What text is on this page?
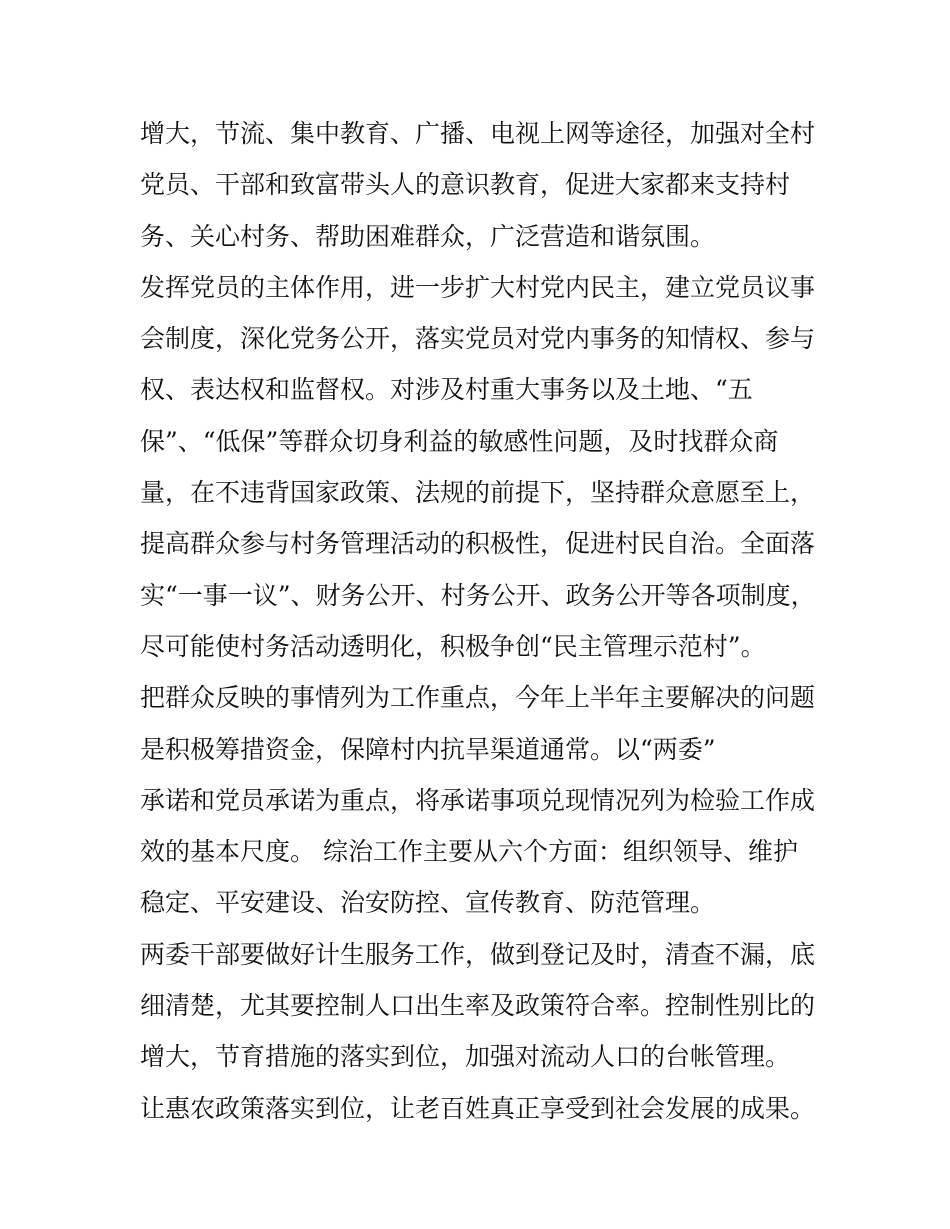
增大，节流、集中教育、广播、电视上网等途径，加强对全村
党员、干部和致富带头人的意识教育，促进大家都来支持村
务、关心村务、帮助困难群众，广泛营造和谐氛围。
发挥党员的主体作用，进一步扩大村党内民主，建立党员议事
会制度，深化党务公开，落实党员对党内事务的知情权、参与
权、表达权和监督权。对涉及村重大事务以及土地、“五
保”、“低保”等群众切身利益的敏感性问题，及时找群众商
量，在不违背国家政策、法规的前提下，坚持群众意愿至上，
提高群众参与村务管理活动的积极性，促进村民自治。全面落
实“一事一议”、财务公开、村务公开、政务公开等各项制度，
尽可能使村务活动透明化，积极争创“民主管理示范村”。
把群众反映的事情列为工作重点，今年上半年主要解决的问题
是积极筹措资金，保障村内抗旱渠道通常。以“两委”
承诺和党员承诺为重点，将承诺事项兑现情况列为检验工作成
效的基本尺度。 综治工作主要从六个方面：组织领导、维护
稳定、平安建设、治安防控、宣传教育、防范管理。
两委干部要做好计生服务工作，做到登记及时，清查不漏，底
细清楚，尤其要控制人口出生率及政策符合率。控制性别比的
增大，节育措施的落实到位，加强对流动人口的台帐管理。
让惠农政策落实到位，让老百姓真正享受到社会发展的成果。
